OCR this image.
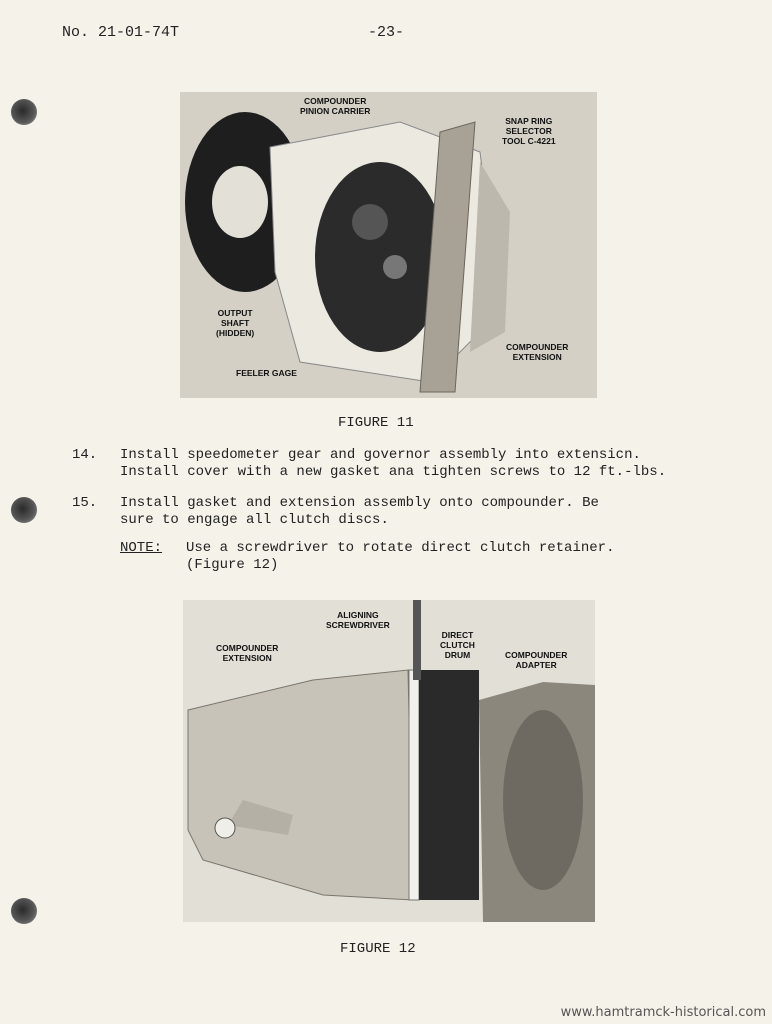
No. 21-01-74T	-23-
COMPOUNDER
PINION CARRIER
SNAP RING
SELECTOR
TOOL C-4221
OUTPUT
SHAFT
(HIDDEN)
FEELER GAGE
COMPOUNDER
EXTENSION
FIGURE 11
14. Install speedometer gear and governor assembly into extensicn.
Install cover with a new gasket ana tighten screws to 12 ft.-lbs.
15. Install gasket and extension assembly onto compounder. Be
sure to engage all clutch discs.
NOTE: Use a screwdriver to rotate direct clutch retainer.
(Figure 12)
ALIGNING
SCREWDRIVER
COMPOUNDER
EXTENSION
DIRECT
CLUTCH
DRUM	COMPOUNDER
ADAPTER
FIGURE 12
www.hamtramck-historical.com
